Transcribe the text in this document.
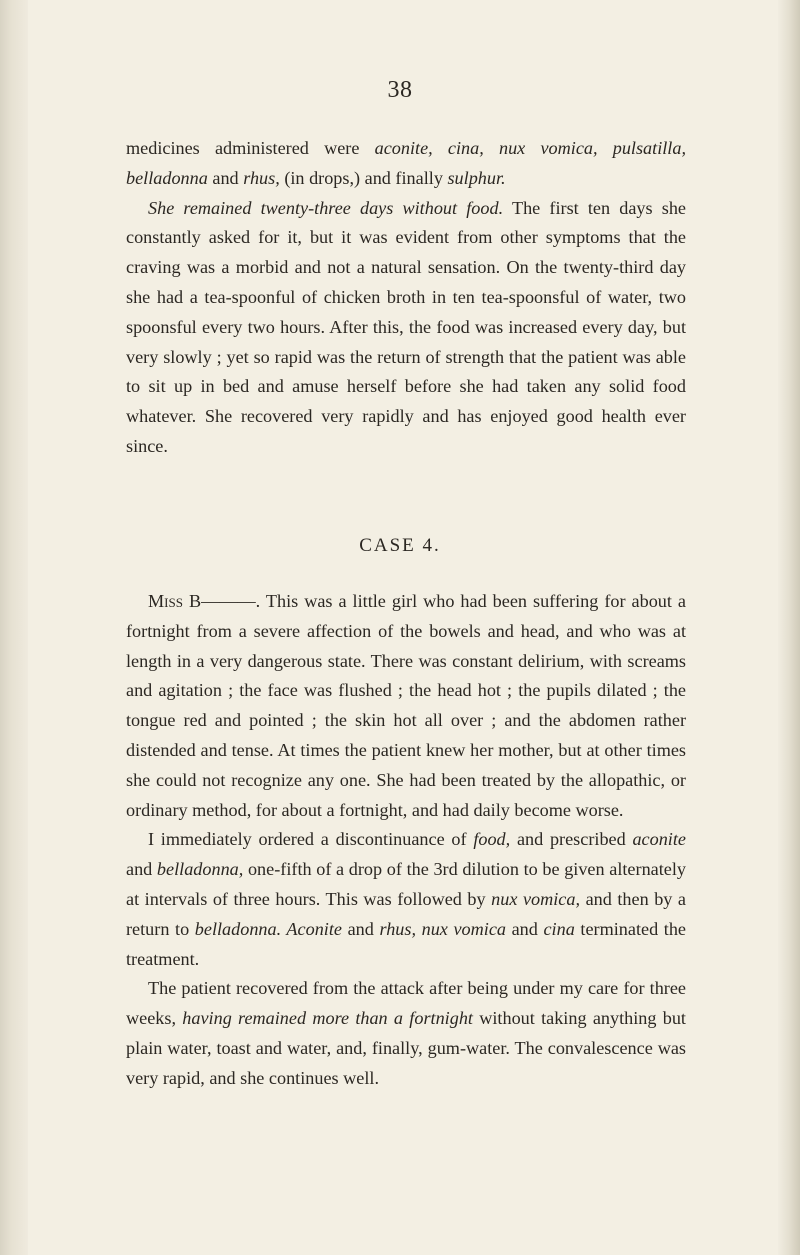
38

medicines administered were aconite, cina, nux vomica, pulsatilla, belladonna and rhus, (in drops,) and finally sulphur.

She remained twenty-three days without food. The first ten days she constantly asked for it, but it was evident from other symptoms that the craving was a morbid and not a natural sensation. On the twenty-third day she had a tea-spoonful of chicken broth in ten tea-spoonsful of water, two spoonsful every two hours. After this, the food was increased every day, but very slowly ; yet so rapid was the return of strength that the patient was able to sit up in bed and amuse herself before she had taken any solid food whatever. She recovered very rapidly and has enjoyed good health ever since.

CASE 4.

Miss B———. This was a little girl who had been suffering for about a fortnight from a severe affection of the bowels and head, and who was at length in a very dangerous state. There was constant delirium, with screams and agitation ; the face was flushed ; the head hot ; the pupils dilated ; the tongue red and pointed ; the skin hot all over ; and the abdomen rather distended and tense. At times the patient knew her mother, but at other times she could not recognize any one. She had been treated by the allopathic, or ordinary method, for about a fortnight, and had daily become worse.

I immediately ordered a discontinuance of food, and prescribed aconite and belladonna, one-fifth of a drop of the 3rd dilution to be given alternately at intervals of three hours. This was followed by nux vomica, and then by a return to belladonna. Aconite and rhus, nux vomica and cina terminated the treatment.

The patient recovered from the attack after being under my care for three weeks, having remained more than a fortnight without taking anything but plain water, toast and water, and, finally, gum-water. The convalescence was very rapid, and she continues well.
